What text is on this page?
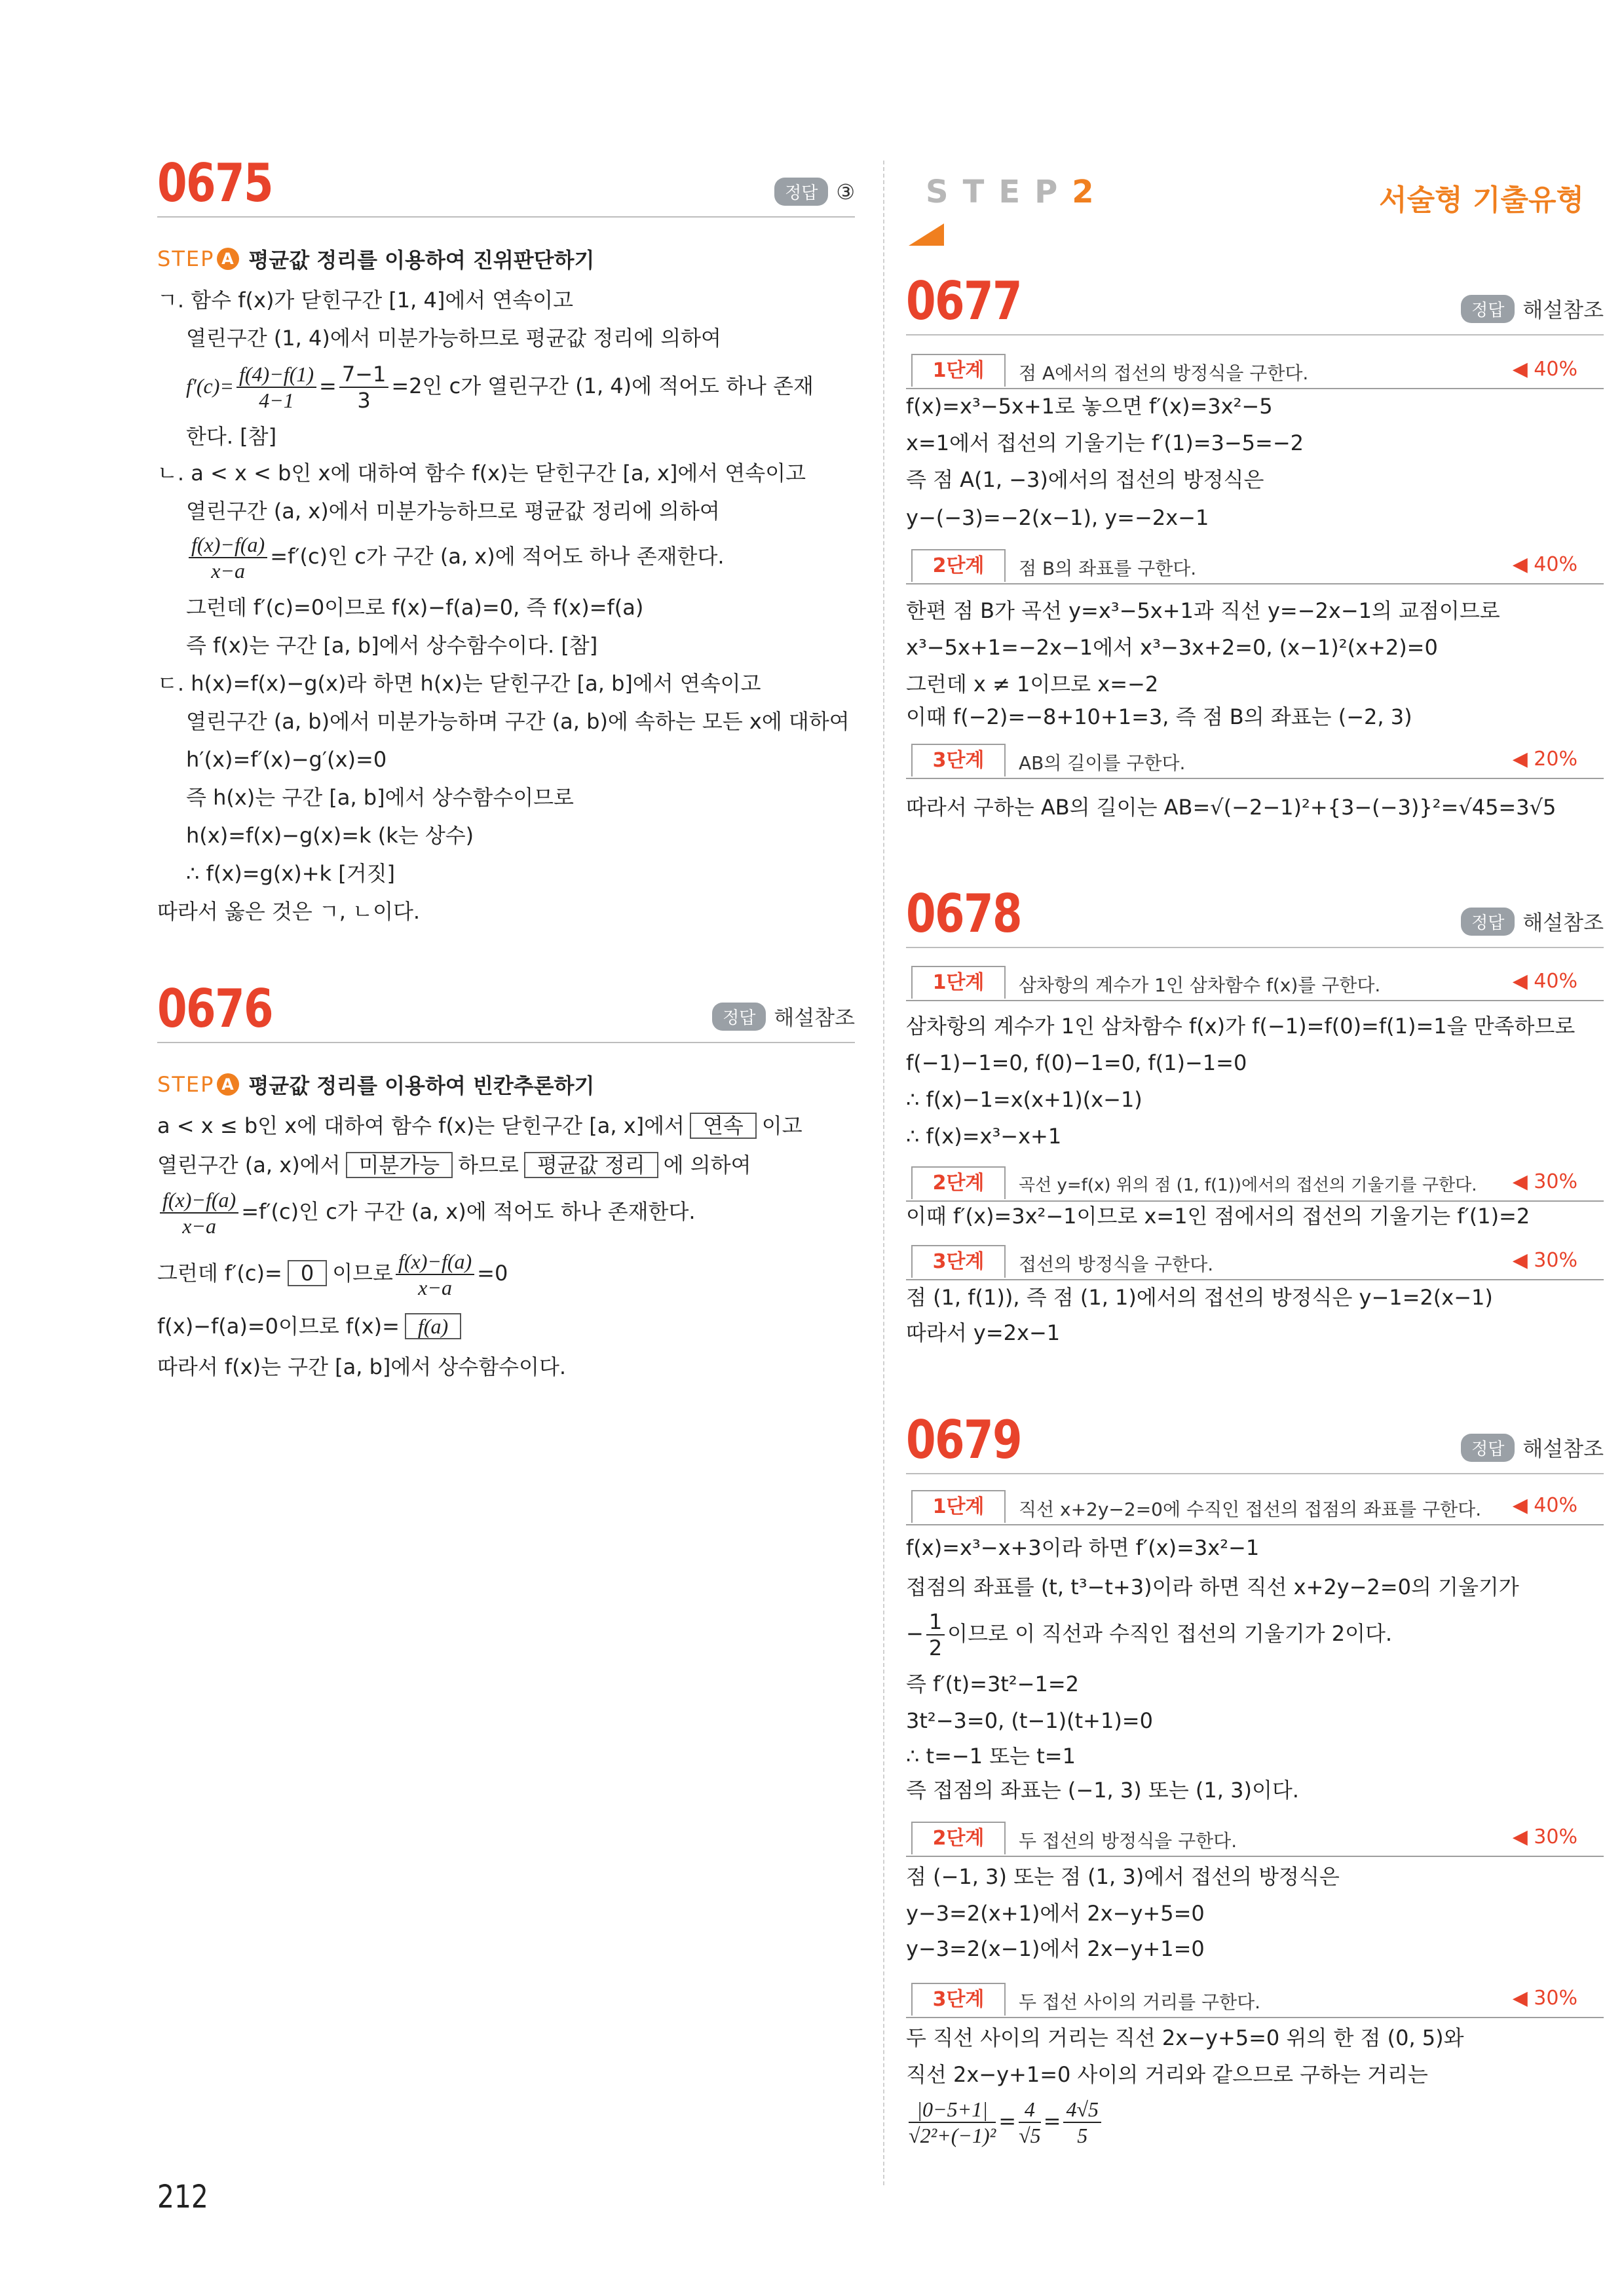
0675	정답 ③
STEP A 평균값 정리를 이용하여 진위판단하기
ㄱ. 함수 f(x)가 닫힌구간 [1, 4]에서 연속이고
열린구간 (1, 4)에서 미분가능하므로 평균값 정리에 의하여
$f'(c)= \frac{f(4)-f(1)}{4-1} = \frac{7-1}{3} =2$인 c가 열린구간 (1, 4)에 적어도 하나 존재
한다. [참]
ㄴ. a < x < b인 x에 대하여 함수 f(x)는 닫힌구간 [a, x]에서 연속이고
열린구간 (a, x)에서 미분가능하므로 평균값 정리에 의하여
$\frac{f(x)-f(a)}{x-a} =f'(c)$인 c가 구간 (a, x)에 적어도 하나 존재한다.
그런데 f′(c)=0이므로 f(x)−f(a)=0, 즉 f(x)=f(a)
즉 f(x)는 구간 [a, b]에서 상수함수이다. [참]
ㄷ. h(x)=f(x)−g(x)라 하면 h(x)는 닫힌구간 [a, b]에서 연속이고
열린구간 (a, b)에서 미분가능하며 구간 (a, b)에 속하는 모든 x에 대하여
h′(x)=f′(x)−g′(x)=0
즉 h(x)는 구간 [a, b]에서 상수함수이므로
h(x)=f(x)−g(x)=k (k는 상수)
∴ f(x)=g(x)+k [거짓]
따라서 옳은 것은 ㄱ, ㄴ이다.
0676	정답 해설참조
STEP A 평균값 정리를 이용하여 빈칸추론하기
a < x ≤ b인 x에 대하여 함수 f(x)는 닫힌구간 [a, x]에서 연속 이고
열린구간 (a, x)에서 미분가능 하므로 평균값 정리 에 의하여
$\frac{f(x)-f(a)}{x-a} =f'(c)$인 c가 구간 (a, x)에 적어도 하나 존재한다.
그런데 f′(c)= 0 이므로 $\frac{f(x)-f(a)}{x-a} =0$
f(x)−f(a)=0이므로 f(x)= f(a)
따라서 f(x)는 구간 [a, b]에서 상수함수이다.
STEP2	서술형 기출유형
0677	정답 해설참조
1단계	점 A에서의 접선의 방정식을 구한다.	◀ 40%
f(x)=x³−5x+1로 놓으면 f′(x)=3x²−5
x=1에서 접선의 기울기는 f′(1)=3−5=−2
즉 점 A(1, −3)에서의 접선의 방정식은
y−(−3)=−2(x−1), y=−2x−1
2단계	점 B의 좌표를 구한다.	◀ 40%
한편 점 B가 곡선 y=x³−5x+1과 직선 y=−2x−1의 교점이므로
x³−5x+1=−2x−1에서 x³−3x+2=0, (x−1)²(x+2)=0
그런데 x ≠ 1이므로 x=−2
이때 f(−2)=−8+10+1=3, 즉 점 B의 좌표는 (−2, 3)
3단계	AB의 길이를 구한다.	◀ 20%
따라서 구하는 AB의 길이는 AB=√(−2−1)²+{3−(−3)}²=√45=3√5
0678	정답 해설참조
1단계	삼차항의 계수가 1인 삼차함수 f(x)를 구한다.	◀ 40%
삼차항의 계수가 1인 삼차함수 f(x)가 f(−1)=f(0)=f(1)=1을 만족하므로
f(−1)−1=0, f(0)−1=0, f(1)−1=0
∴ f(x)−1=x(x+1)(x−1)
∴ f(x)=x³−x+1
2단계	곡선 y=f(x) 위의 점 (1, f(1))에서의 접선의 기울기를 구한다. ◀ 30%
이때 f′(x)=3x²−1이므로 x=1인 점에서의 접선의 기울기는 f′(1)=2
3단계	접선의 방정식을 구한다.	◀ 30%
점 (1, f(1)), 즉 점 (1, 1)에서의 접선의 방정식은 y−1=2(x−1)
따라서 y=2x−1
0679	정답 해설참조
1단계	직선 x+2y−2=0에 수직인 접선의 접점의 좌표를 구한다. ◀ 40%
f(x)=x³−x+3이라 하면 f′(x)=3x²−1
접점의 좌표를 (t, t³−t+3)이라 하면 직선 x+2y−2=0의 기울기가
− $\frac{1}{2}$ 이므로 이 직선과 수직인 접선의 기울기가 2이다.
즉 f′(t)=3t²−1=2
3t²−3=0, (t−1)(t+1)=0
∴ t=−1 또는 t=1
즉 접점의 좌표는 (−1, 3) 또는 (1, 3)이다.
2단계	두 접선의 방정식을 구한다.	◀ 30%
점 (−1, 3) 또는 점 (1, 3)에서 접선의 방정식은
y−3=2(x+1)에서 2x−y+5=0
y−3=2(x−1)에서 2x−y+1=0
3단계	두 접선 사이의 거리를 구한다.	◀ 30%
두 직선 사이의 거리는 직선 2x−y+5=0 위의 한 점 (0, 5)와
직선 2x−y+1=0 사이의 거리와 같으므로 구하는 거리는
$\frac{|0-5+1|}{\text{√2²+(−1)²}} = \frac{4}{√5} = \frac{4√5}{5}$
212
